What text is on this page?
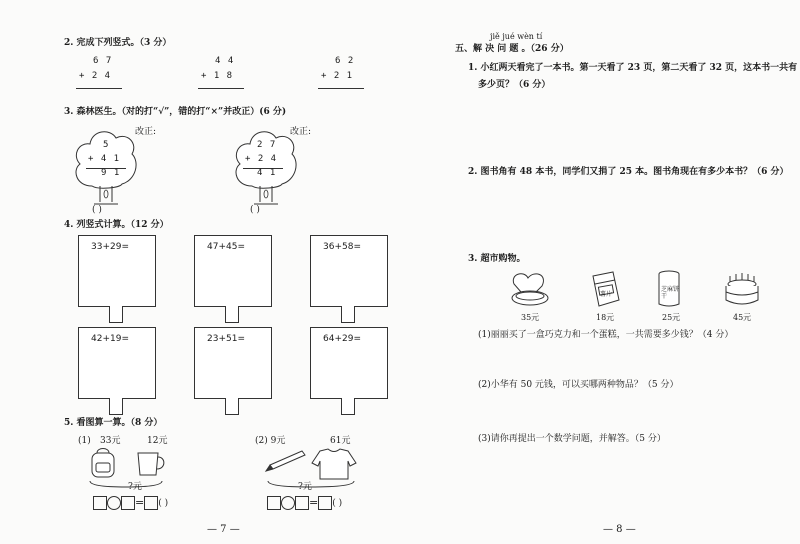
2. 完成下列竖式。（3 分）
6 7
+ 2 4
4 4
+ 1 8
6 2
+ 2 1
3. 森林医生。（对的打“√”，错的打“×”并改正）(6 分)
5
+ 4 1
9 1
( )
改正:
2 7
+ 2 4
4 1
( )
改正:
4. 列竖式计算。（12 分）
33+29=	47+45=	36+58=
42+19=	23+51=	64+29=
5. 看图算一算。（8 分）
(1) 33元	12元
?元
= ( )
(2) 9元	61元
?元
= ( )
— 7 —
jiě jué wèn tí
五、解 决 问 题 。（26 分）
1. 小红两天看完了一本书。第一天看了 23 页，第二天看了 32 页，这本书一共有
多少页？（6 分）
2. 图书角有 48 本书，同学们又捐了 25 本。图书角现在有多少本书？（6 分）
3. 超市购物。
35元
薯片
18元
芝麻饼干
25元	45元
(1)丽丽买了一盒巧克力和一个蛋糕，一共需要多少钱？（4 分）
(2)小华有 50 元钱，可以买哪两种物品？（5 分）
(3)请你再提出一个数学问题，并解答。（5 分）
— 8 —
